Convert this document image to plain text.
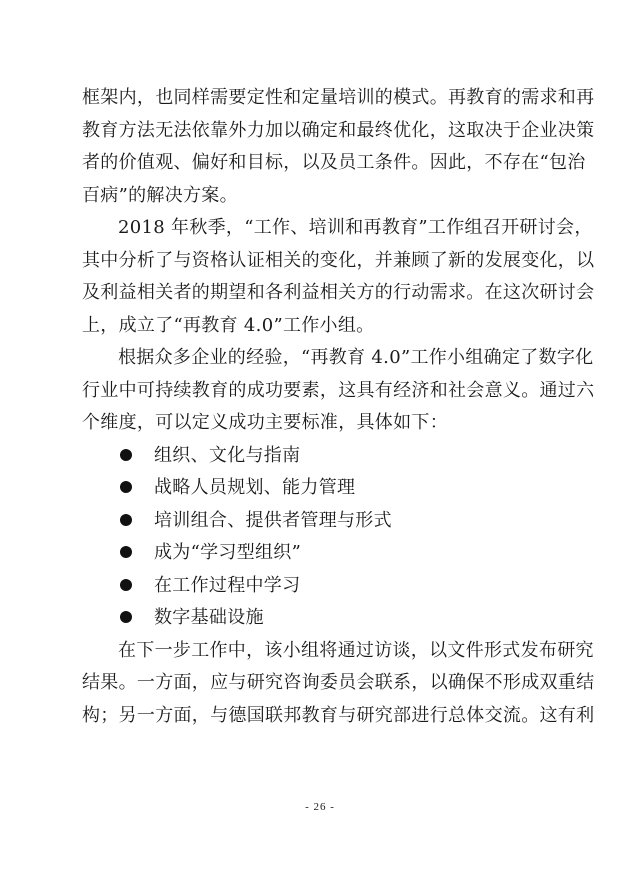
框架内，也同样需要定性和定量培训的模式。再教育的需求和再
教育方法无法依靠外力加以确定和最终优化，这取决于企业决策
者的价值观、偏好和目标，以及员工条件。因此，不存在“包治
百病”的解决方案。
2018 年秋季，“工作、培训和再教育”工作组召开研讨会，
其中分析了与资格认证相关的变化，并兼顾了新的发展变化，以
及利益相关者的期望和各利益相关方的行动需求。在这次研讨会
上，成立了“再教育 4.0”工作小组。
根据众多企业的经验，“再教育 4.0”工作小组确定了数字化
行业中可持续教育的成功要素，这具有经济和社会意义。通过六
个维度，可以定义成功主要标准，具体如下：
组织、文化与指南
战略人员规划、能力管理
培训组合、提供者管理与形式
成为“学习型组织”
在工作过程中学习
数字基础设施
在下一步工作中，该小组将通过访谈，以文件形式发布研究
结果。一方面，应与研究咨询委员会联系，以确保不形成双重结
构；另一方面，与德国联邦教育与研究部进行总体交流。这有利
- 26 -
